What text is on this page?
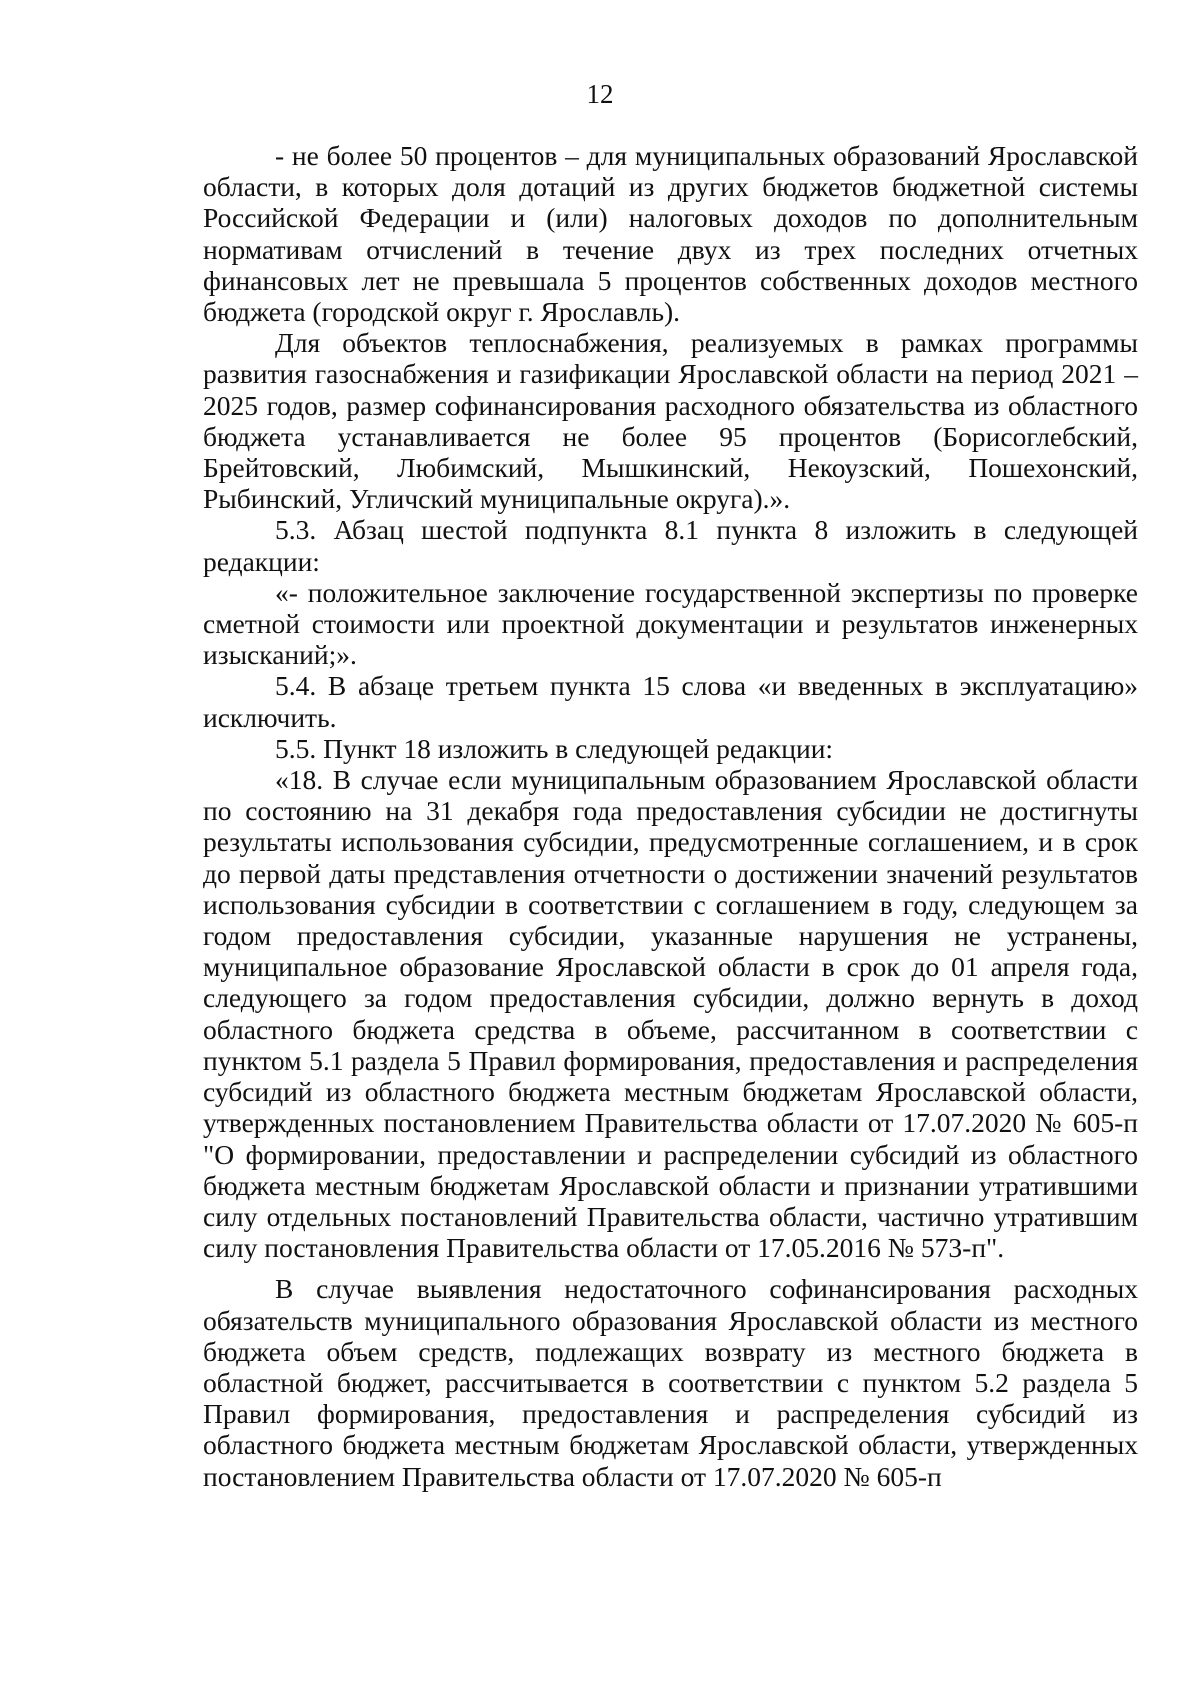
12

- не более 50 процентов – для муниципальных образований Ярославской области, в которых доля дотаций из других бюджетов бюджетной системы Российской Федерации и (или) налоговых доходов по дополнительным нормативам отчислений в течение двух из трех последних отчетных финансовых лет не превышала 5 процентов собственных доходов местного бюджета (городской округ г. Ярославль).

Для объектов теплоснабжения, реализуемых в рамках программы развития газоснабжения и газификации Ярославской области на период 2021 – 2025 годов, размер софинансирования расходного обязательства из областного бюджета устанавливается не более 95 процентов (Борисоглебский, Брейтовский, Любимский, Мышкинский, Некоузский, Пошехонский, Рыбинский, Угличский муниципальные округа).».

5.3. Абзац шестой подпункта 8.1 пункта 8 изложить в следующей редакции:

«- положительное заключение государственной экспертизы по проверке сметной стоимости или проектной документации и результатов инженерных изысканий;».

5.4. В абзаце третьем пункта 15 слова «и введенных в эксплуатацию» исключить.

5.5. Пункт 18 изложить в следующей редакции:

«18. В случае если муниципальным образованием Ярославской области по состоянию на 31 декабря года предоставления субсидии не достигнуты результаты использования субсидии, предусмотренные соглашением, и в срок до первой даты представления отчетности о достижении значений результатов использования субсидии в соответствии с соглашением в году, следующем за годом предоставления субсидии, указанные нарушения не устранены, муниципальное образование Ярославской области в срок до 01 апреля года, следующего за годом предоставления субсидии, должно вернуть в доход областного бюджета средства в объеме, рассчитанном в соответствии с пунктом 5.1 раздела 5 Правил формирования, предоставления и распределения субсидий из областного бюджета местным бюджетам Ярославской области, утвержденных постановлением Правительства области от 17.07.2020 № 605-п "О формировании, предоставлении и распределении субсидий из областного бюджета местным бюджетам Ярославской области и признании утратившими силу отдельных постановлений Правительства области, частично утратившим силу постановления Правительства области от 17.05.2016 № 573-п".

В случае выявления недостаточного софинансирования расходных обязательств муниципального образования Ярославской области из местного бюджета объем средств, подлежащих возврату из местного бюджета в областной бюджет, рассчитывается в соответствии с пунктом 5.2 раздела 5 Правил формирования, предоставления и распределения субсидий из областного бюджета местным бюджетам Ярославской области, утвержденных постановлением Правительства области от 17.07.2020 № 605-п
